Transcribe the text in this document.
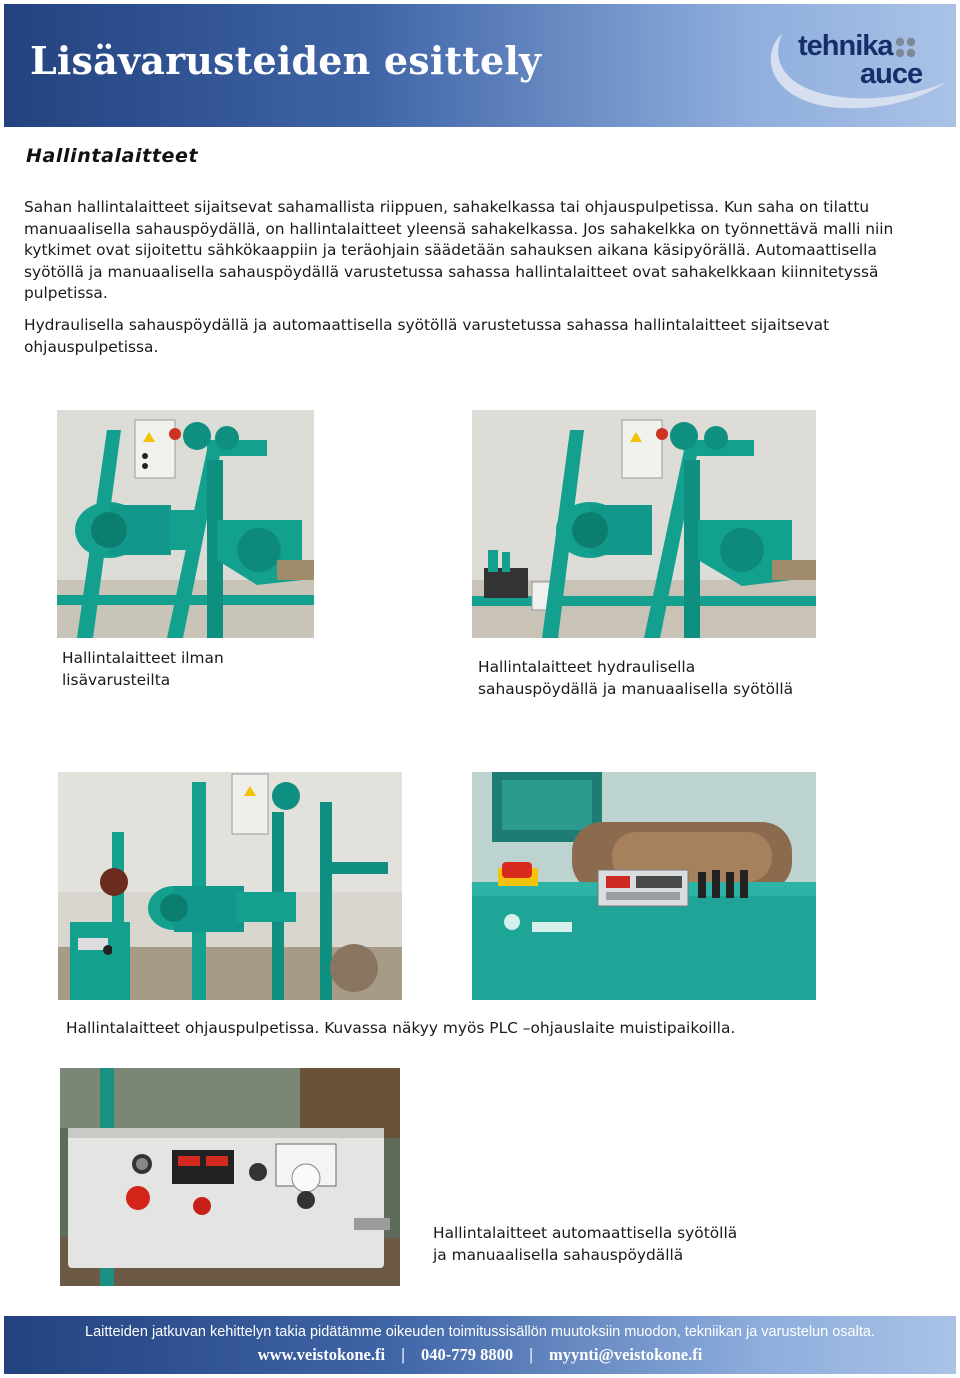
Lisävarusteiden esittely	tehnika
auce
Hallintalaitteet

Sahan hallintalaitteet sijaitsevat sahamallista riippuen, sahakelkassa tai ohjauspulpetissa. Kun saha on tilattu manuaalisella sahauspöydällä, on hallintalaitteet yleensä sahakelkassa. Jos sahakelkka on työnnettävä malli niin kytkimet ovat sijoitettu sähkökaappiin ja teräohjain säädetään sahauksen aikana käsipyörällä. Automaattisella syötöllä ja manuaalisella sahauspöydällä varustetussa sahassa hallintalaitteet ovat sahakelkkaan kiinnitetyssä pulpetissa.

Hydraulisella sahauspöydällä ja automaattisella syötöllä varustetussa sahassa hallintalaitteet sijaitsevat ohjauspulpetissa.

Hallintalaitteet ilman
lisävarusteilta
Hallintalaitteet hydraulisella
sahauspöydällä ja manuaalisella syötöllä
Hallintalaitteet ohjauspulpetissa. Kuvassa näkyy myös PLC –ohjauslaite muistipaikoilla.
Hallintalaitteet automaattisella syötöllä
ja manuaalisella sahauspöydällä
Laitteiden jatkuvan kehittelyn takia pidätämme oikeuden toimitussisällön muutoksiin muodon, tekniikan ja varustelun osalta.
www.veistokone.fi | 040-779 8800 | myynti@veistokone.fi
